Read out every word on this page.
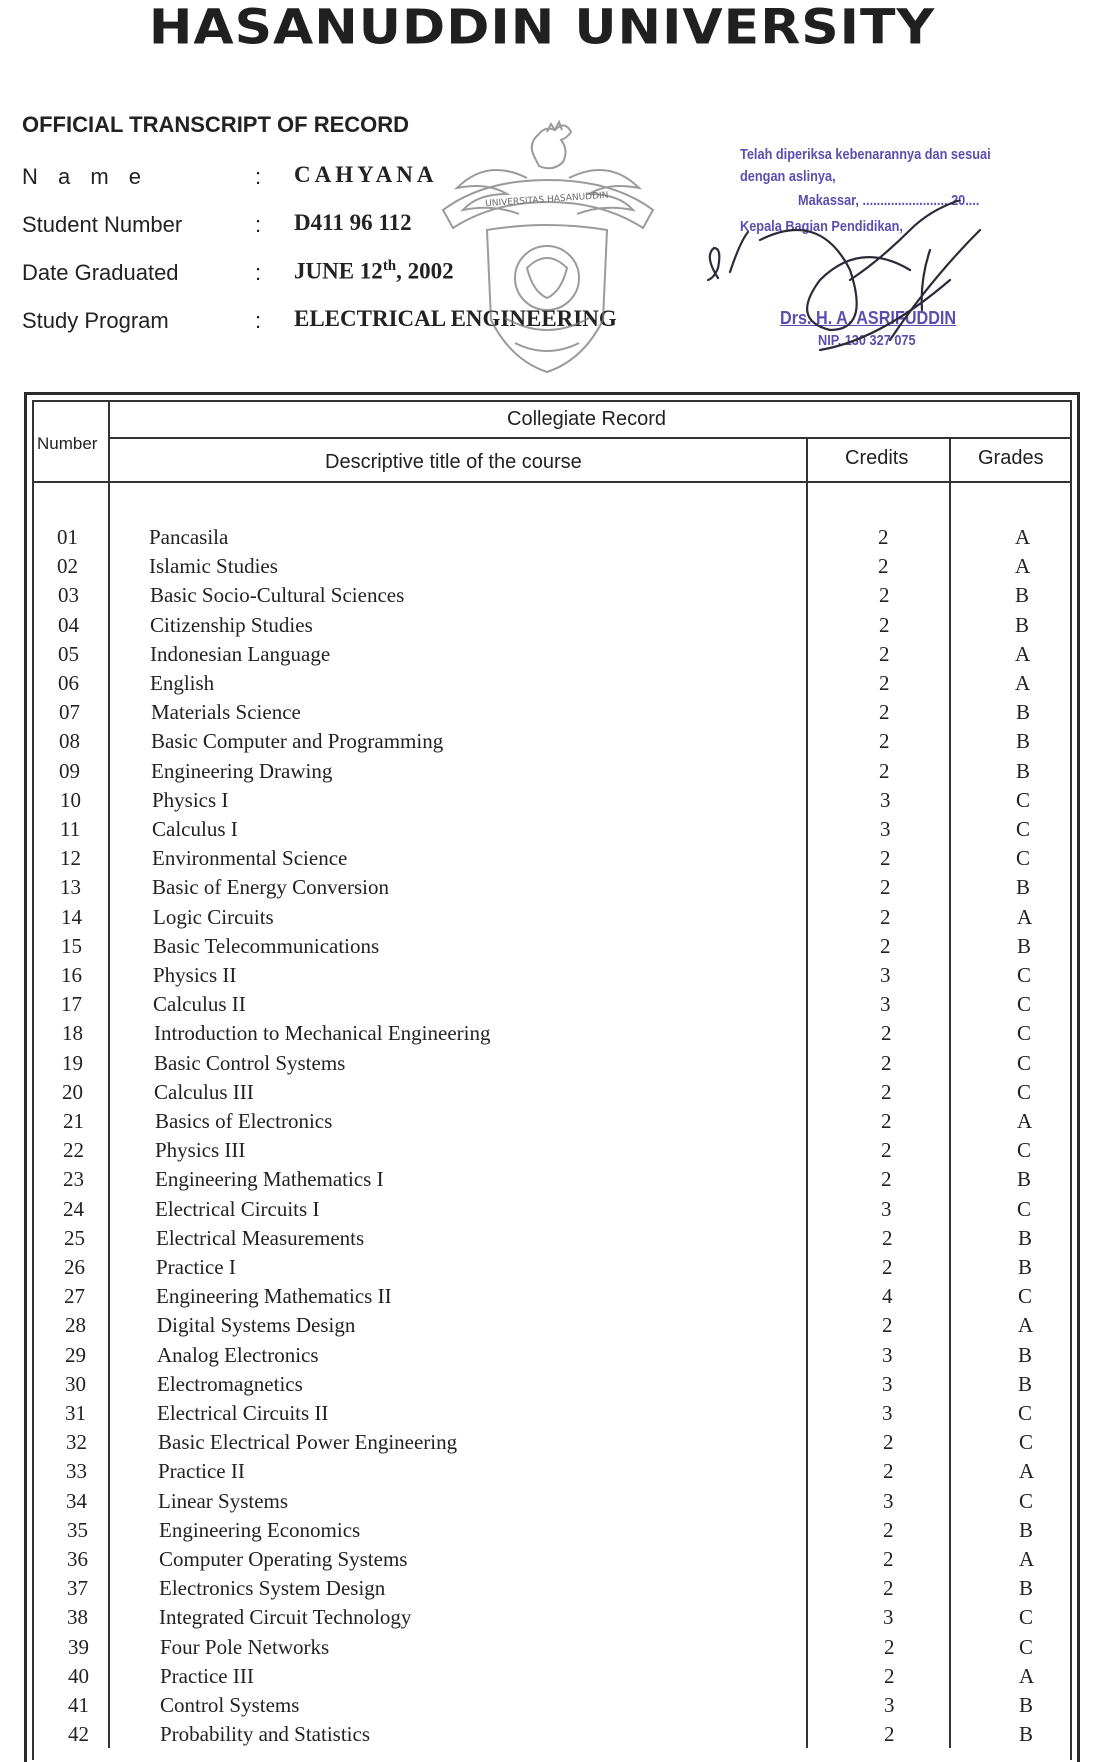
HASANUDDIN UNIVERSITY
OFFICIAL TRANSCRIPT OF RECORD
N a m e	: CAHYANA
Student Number	: D411 96 112
Date Graduated	: JUNE 12th, 2002
Study Program	: ELECTRICAL ENGINEERING
UNIVERSITAS HASANUDDIN
Telah diperiksa kebenarannya dan sesuai
dengan aslinya,
Makassar, ........................ 20....
Kepala Bagian Pendidikan,
Drs. H. A. ASRIFUDDIN
NIP. 130 327 075
Number
Collegiate Record
Descriptive title of the course	Credits	Grades
01	Pancasila	2	A
02	Islamic Studies	2	A
03	Basic Socio-Cultural Sciences	2	B
04	Citizenship Studies	2	B
05	Indonesian Language	2	A
06	English	2	A
07	Materials Science	2	B
08	Basic Computer and Programming	2	B
09	Engineering Drawing	2	B
10	Physics I	3	C
11	Calculus I	3	C
12	Environmental Science	2	C
13	Basic of Energy Conversion	2	B
14	Logic Circuits	2	A
15	Basic Telecommunications	2	B
16	Physics II	3	C
17	Calculus II	3	C
18	Introduction to Mechanical Engineering	2	C
19	Basic Control Systems	2	C
20	Calculus III	2	C
21	Basics of Electronics	2	A
22	Physics III	2	C
23	Engineering Mathematics I	2	B
24	Electrical Circuits I	3	C
25	Electrical Measurements	2	B
26	Practice I	2	B
27	Engineering Mathematics II	4	C
28	Digital Systems Design	2	A
29	Analog Electronics	3	B
30	Electromagnetics	3	B
31	Electrical Circuits II	3	C
32	Basic Electrical Power Engineering	2	C
33	Practice II	2	A
34	Linear Systems	3	C
35	Engineering Economics	2	B
36	Computer Operating Systems	2	A
37	Electronics System Design	2	B
38	Integrated Circuit Technology	3	C
39	Four Pole Networks	2	C
40	Practice III	2	A
41	Control Systems	3	B
42	Probability and Statistics	2	B
